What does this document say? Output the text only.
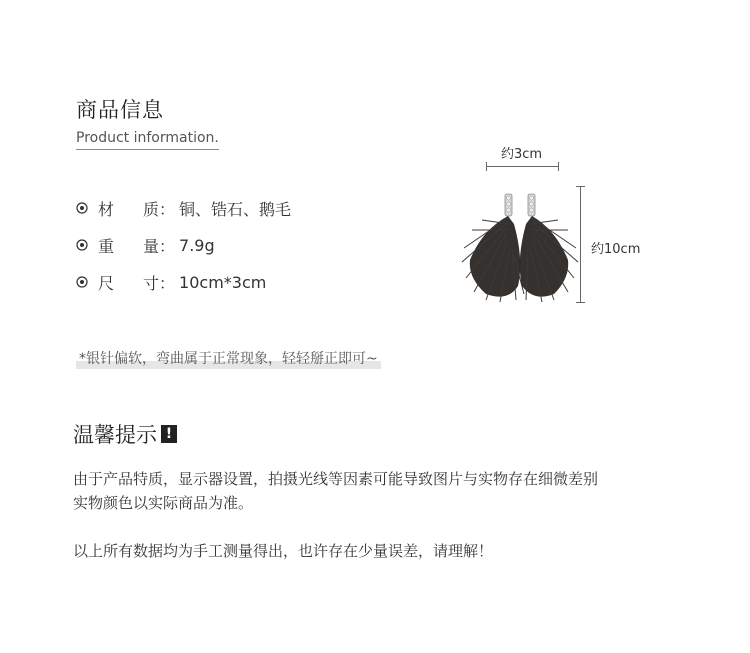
商品信息
Product information.
材	质 ： 铜、锆石、鹅毛
重	量 ： 7.9g
尺	寸 ： 10cm*3cm
*银针偏软，弯曲属于正常现象，轻轻掰正即可~
约3cm
约10cm
温馨提示 !
由于产品特质，显示器设置，拍摄光线等因素可能导致图片与实物存在细微差别
实物颜色以实际商品为准。
以上所有数据均为手工测量得出，也许存在少量误差，请理解！
